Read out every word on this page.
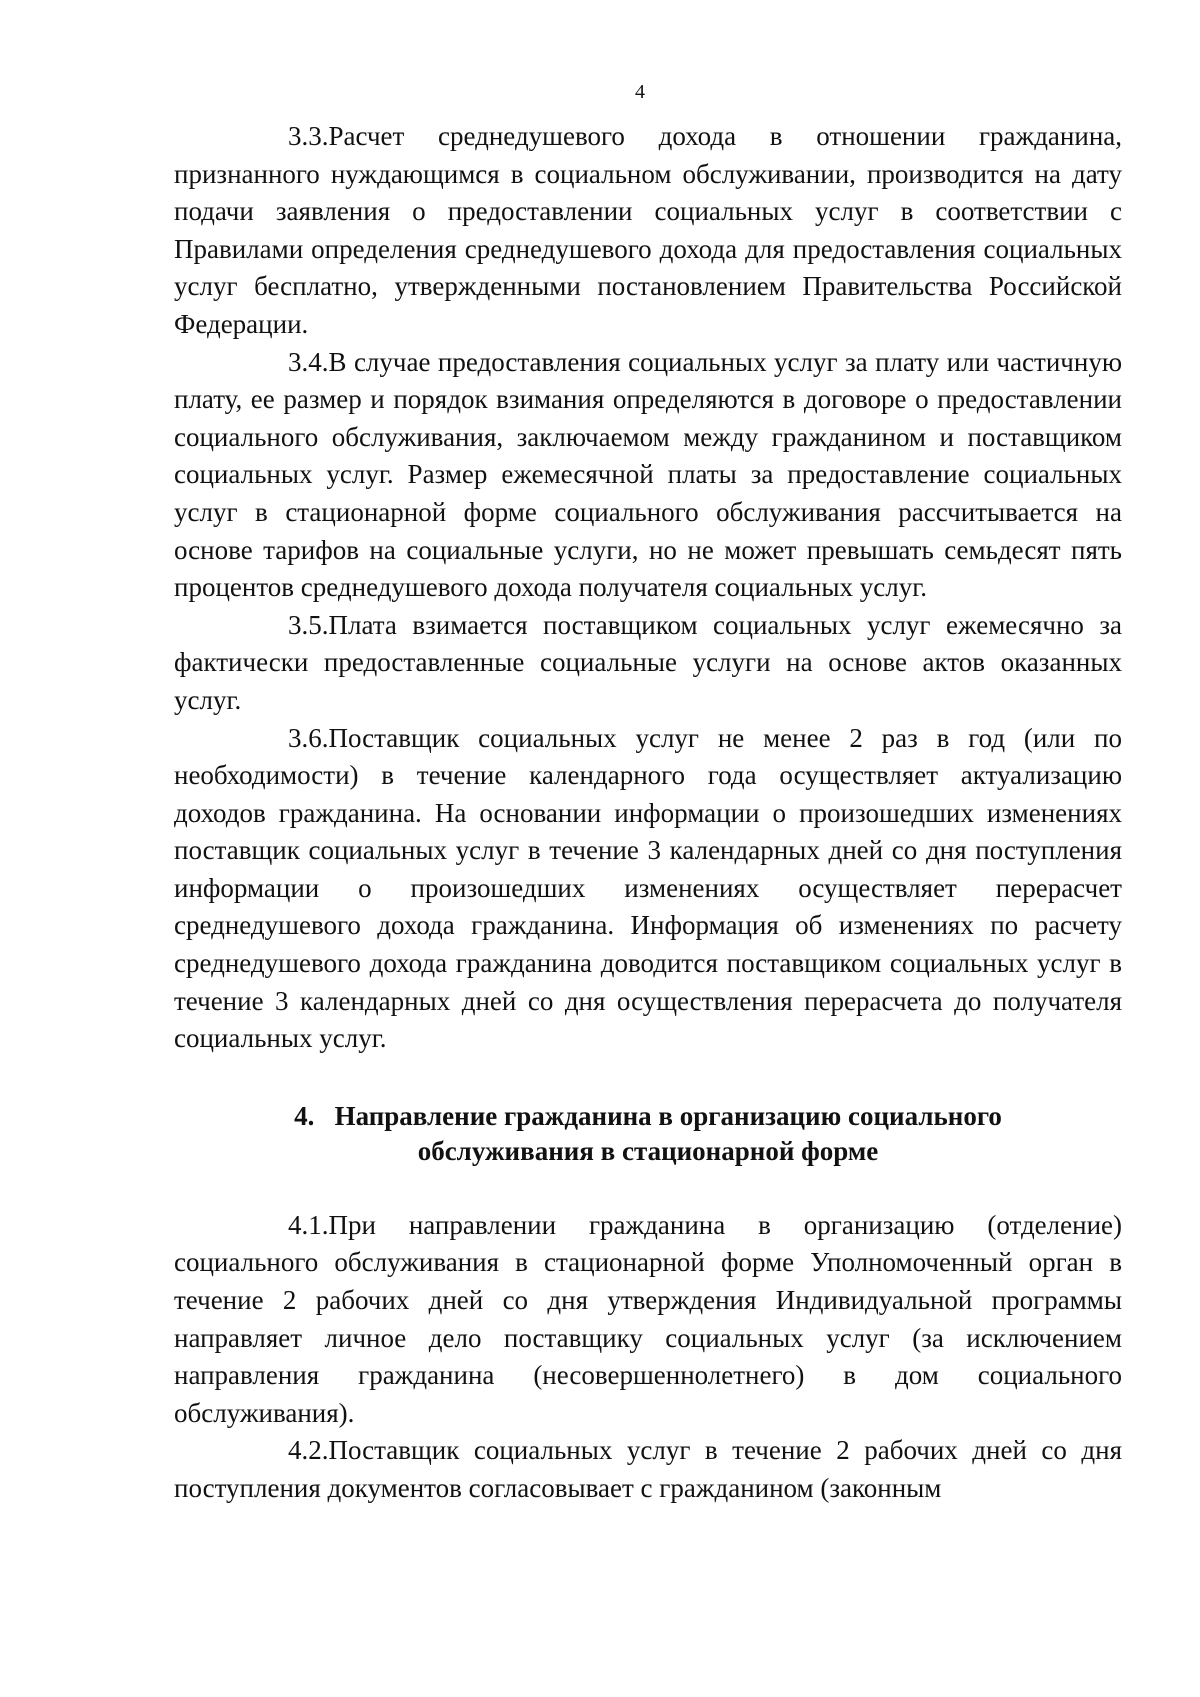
4

3.3.Расчет среднедушевого дохода в отношении гражданина, признанного нуждающимся в социальном обслуживании, производится на дату подачи заявления о предоставлении социальных услуг в соответствии с Правилами определения среднедушевого дохода для предоставления социальных услуг бесплатно, утвержденными постановлением Правительства Российской Федерации.

3.4.В случае предоставления социальных услуг за плату или частичную плату, ее размер и порядок взимания определяются в договоре о предоставлении социального обслуживания, заключаемом между гражданином и поставщиком социальных услуг. Размер ежемесячной платы за предоставление социальных услуг в стационарной форме социального обслуживания рассчитывается на основе тарифов на социальные услуги, но не может превышать семьдесят пять процентов среднедушевого дохода получателя социальных услуг.

3.5.Плата взимается поставщиком социальных услуг ежемесячно за фактически предоставленные социальные услуги на основе актов оказанных услуг.

3.6.Поставщик социальных услуг не менее 2 раз в год (или по необходимости) в течение календарного года осуществляет актуализацию доходов гражданина. На основании информации о произошедших изменениях поставщик социальных услуг в течение 3 календарных дней со дня поступления информации о произошедших изменениях осуществляет перерасчет среднедушевого дохода гражданина. Информация об изменениях по расчету среднедушевого дохода гражданина доводится поставщиком социальных услуг в течение 3 календарных дней со дня осуществления перерасчета до получателя социальных услуг.

4.   Направление гражданина в организацию социального
обслуживания в стационарной форме

4.1.При направлении гражданина в организацию (отделение) социального обслуживания в стационарной форме Уполномоченный орган в течение 2 рабочих дней со дня утверждения Индивидуальной программы направляет личное дело поставщику социальных услуг (за исключением направления гражданина (несовершеннолетнего) в дом социального обслуживания).

4.2.Поставщик социальных услуг в течение 2 рабочих дней со дня поступления документов согласовывает с гражданином (законным
